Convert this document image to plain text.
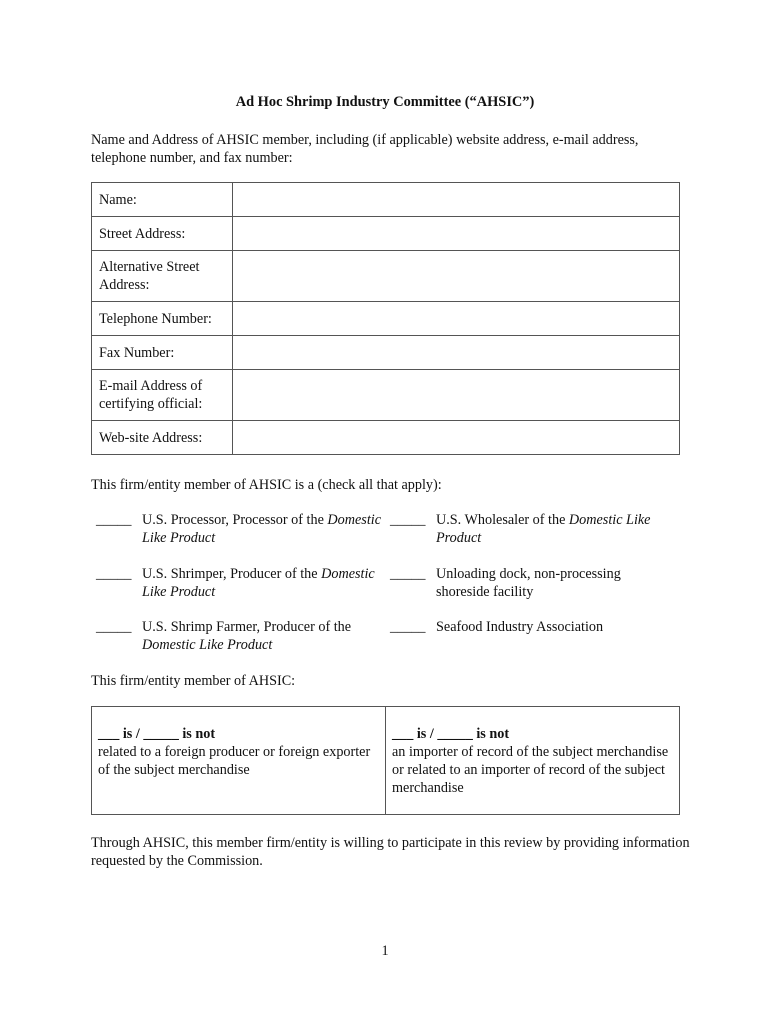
Ad Hoc Shrimp Industry Committee (“AHSIC”)
Name and Address of AHSIC member, including (if applicable) website address, e-mail address, telephone number, and fax number:
Name:	
Street Address:	
Alternative Street Address:	
Telephone Number:	
Fax Number:	
E-mail Address of certifying official:	
Web-site Address:	
This firm/entity member of AHSIC is a (check all that apply):
_____ U.S. Processor, Processor of the Domestic Like Product
_____ U.S. Wholesaler of the Domestic Like Product
_____ U.S. Shrimper, Producer of the Domestic Like Product
_____ Unloading dock, non-processing shoreside facility
_____ U.S. Shrimp Farmer, Producer of the Domestic Like Product
_____ Seafood Industry Association
This firm/entity member of AHSIC:
___ is / _____ is not
related to a foreign producer or foreign exporter of the subject merchandise

___ is / _____ is not
an importer of record of the subject merchandise or related to an importer of record of the subject merchandise
Through AHSIC, this member firm/entity is willing to participate in this review by providing information requested by the Commission.
1
